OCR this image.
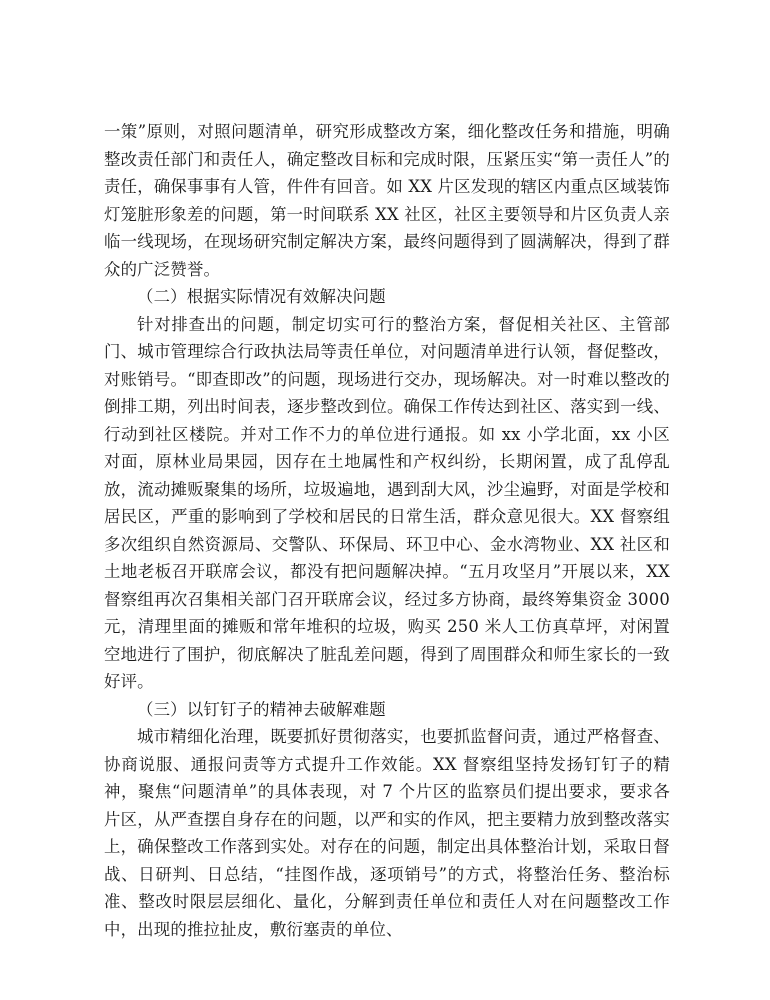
一策”原则，对照问题清单，研究形成整改方案，细化整改任务和措施，明确整改责任部门和责任人，确定整改目标和完成时限，压紧压实“第一责任人”的责任，确保事事有人管，件件有回音。如 XX 片区发现的辖区内重点区域装饰灯笼脏形象差的问题，第一时间联系 XX 社区，社区主要领导和片区负责人亲临一线现场，在现场研究制定解决方案，最终问题得到了圆满解决，得到了群众的广泛赞誉。

（二）根据实际情况有效解决问题

针对排查出的问题，制定切实可行的整治方案，督促相关社区、主管部门、城市管理综合行政执法局等责任单位，对问题清单进行认领，督促整改，对账销号。“即查即改”的问题，现场进行交办，现场解决。对一时难以整改的倒排工期，列出时间表，逐步整改到位。确保工作传达到社区、落实到一线、行动到社区楼院。并对工作不力的单位进行通报。如 xx 小学北面，xx 小区对面，原林业局果园，因存在土地属性和产权纠纷，长期闲置，成了乱停乱放，流动摊贩聚集的场所，垃圾遍地，遇到刮大风，沙尘遍野，对面是学校和居民区，严重的影响到了学校和居民的日常生活，群众意见很大。XX 督察组多次组织自然资源局、交警队、环保局、环卫中心、金水湾物业、XX 社区和土地老板召开联席会议，都没有把问题解决掉。“五月攻坚月”开展以来，XX 督察组再次召集相关部门召开联席会议，经过多方协商，最终筹集资金 3000 元，清理里面的摊贩和常年堆积的垃圾，购买 250 米人工仿真草坪，对闲置空地进行了围护，彻底解决了脏乱差问题，得到了周围群众和师生家长的一致好评。

（三）以钉钉子的精神去破解难题

城市精细化治理，既要抓好贯彻落实，也要抓监督问责，通过严格督查、协商说服、通报问责等方式提升工作效能。XX 督察组坚持发扬钉钉子的精神，聚焦“问题清单”的具体表现，对 7 个片区的监察员们提出要求，要求各片区，从严查摆自身存在的问题，以严和实的作风，把主要精力放到整改落实上，确保整改工作落到实处。对存在的问题，制定出具体整治计划，采取日督战、日研判、日总结，“挂图作战，逐项销号”的方式，将整治任务、整治标准、整改时限层层细化、量化，分解到责任单位和责任人对在问题整改工作中，出现的推拉扯皮，敷衍塞责的单位、
